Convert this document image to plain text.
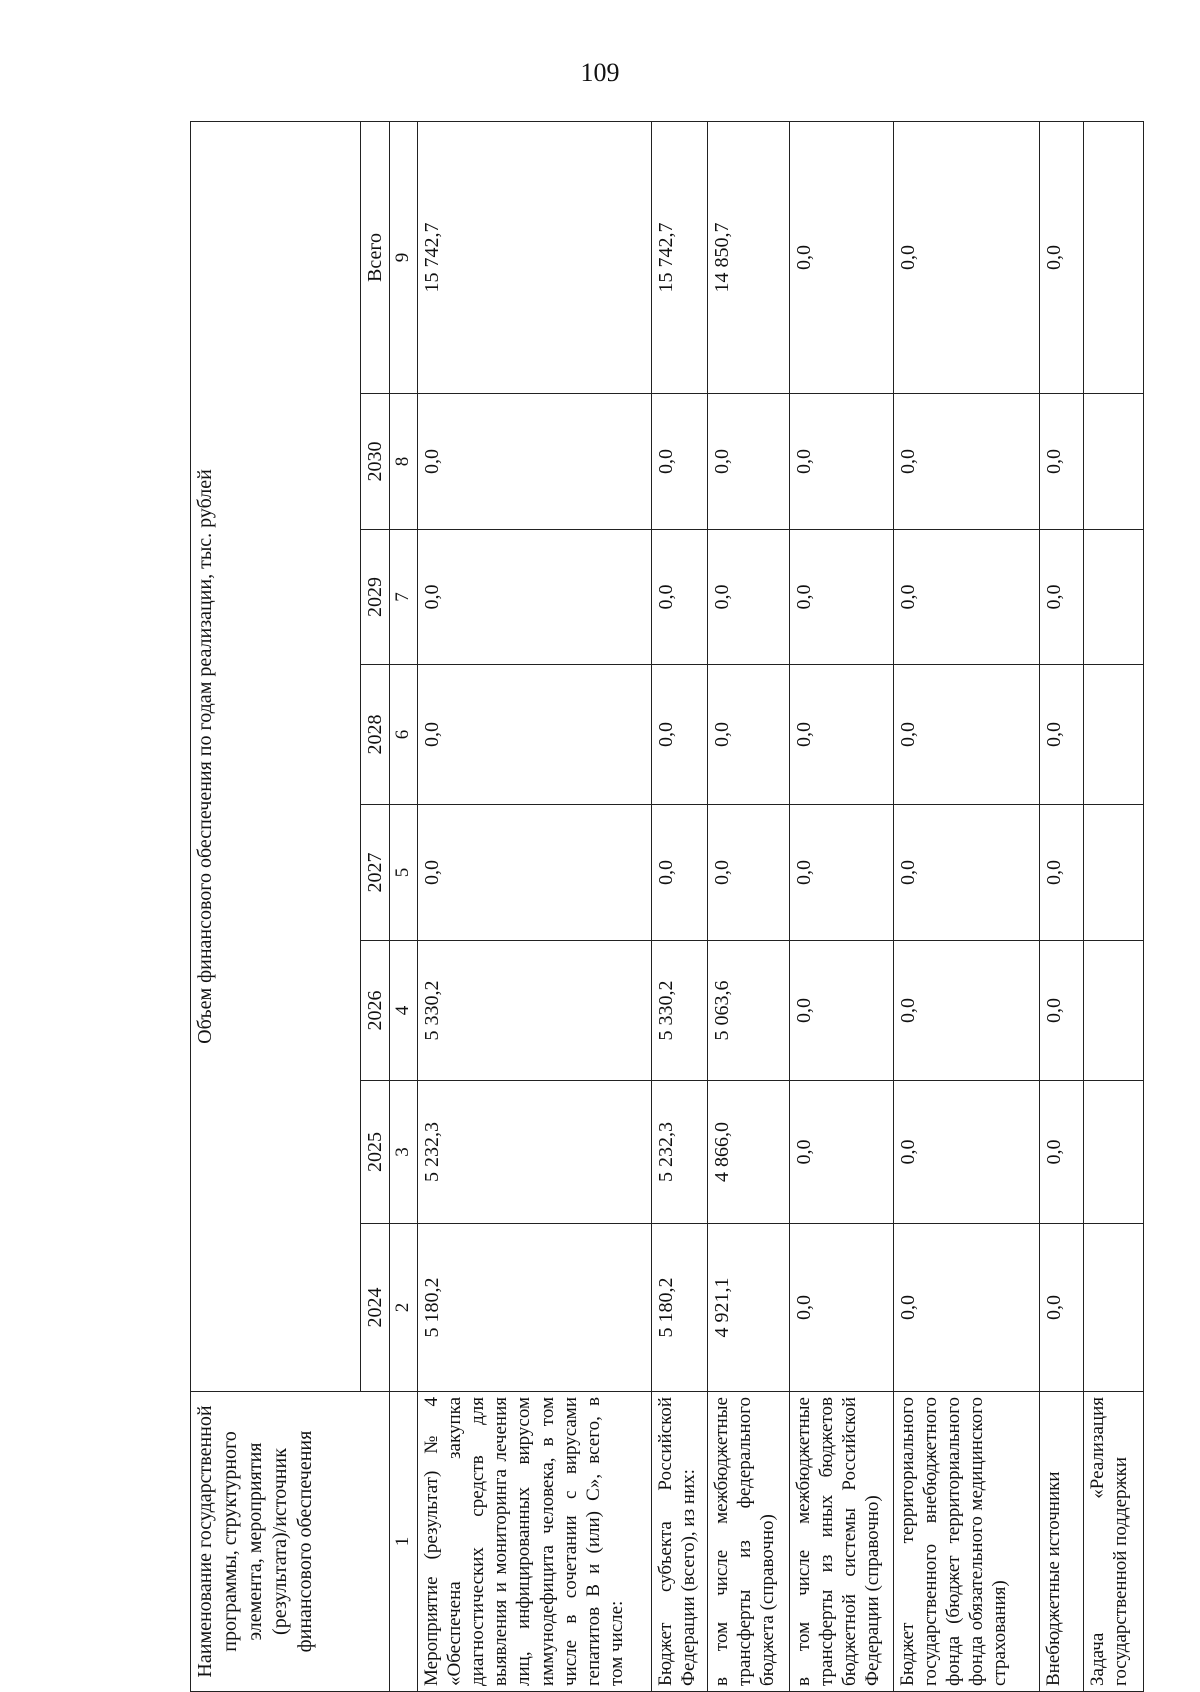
109
Наименование государственной программы, структурного элемента, мероприятия (результата)/источник финансового обеспечения	Объем финансового обеспечения по годам реализации, тыс. рублей							
	2024	2025	2026	2027	2028	2029	2030	Всего
1	2	3	4	5	6	7	8	9
Мероприятие (результат) № 4 «Обеспечена закупка диагностических средств для выявления и мониторинга лечения лиц, инфицированных вирусом иммунодефицита человека, в том числе в сочетании с вирусами гепатитов В и (или) С», всего, в том числе:	5 180,2	5 232,3	5 330,2	0,0	0,0	0,0	0,0	15 742,7
Бюджет субъекта Российской Федерации (всего), из них:	5 180,2	5 232,3	5 330,2	0,0	0,0	0,0	0,0	15 742,7
в том числе межбюджетные трансферты из федерального бюджета (справочно)	4 921,1	4 866,0	5 063,6	0,0	0,0	0,0	0,0	14 850,7
в том числе межбюджетные трансферты из иных бюджетов бюджетной системы Российской Федерации (справочно)	0,0	0,0	0,0	0,0	0,0	0,0	0,0	0,0
Бюджет территориального государственного внебюджетного фонда (бюджет территориального фонда обязательного медицинского страхования)	0,0	0,0	0,0	0,0	0,0	0,0	0,0	0,0
Внебюджетные источники	0,0	0,0	0,0	0,0	0,0	0,0	0,0	0,0
Задача «Реализация государственной поддержки								
